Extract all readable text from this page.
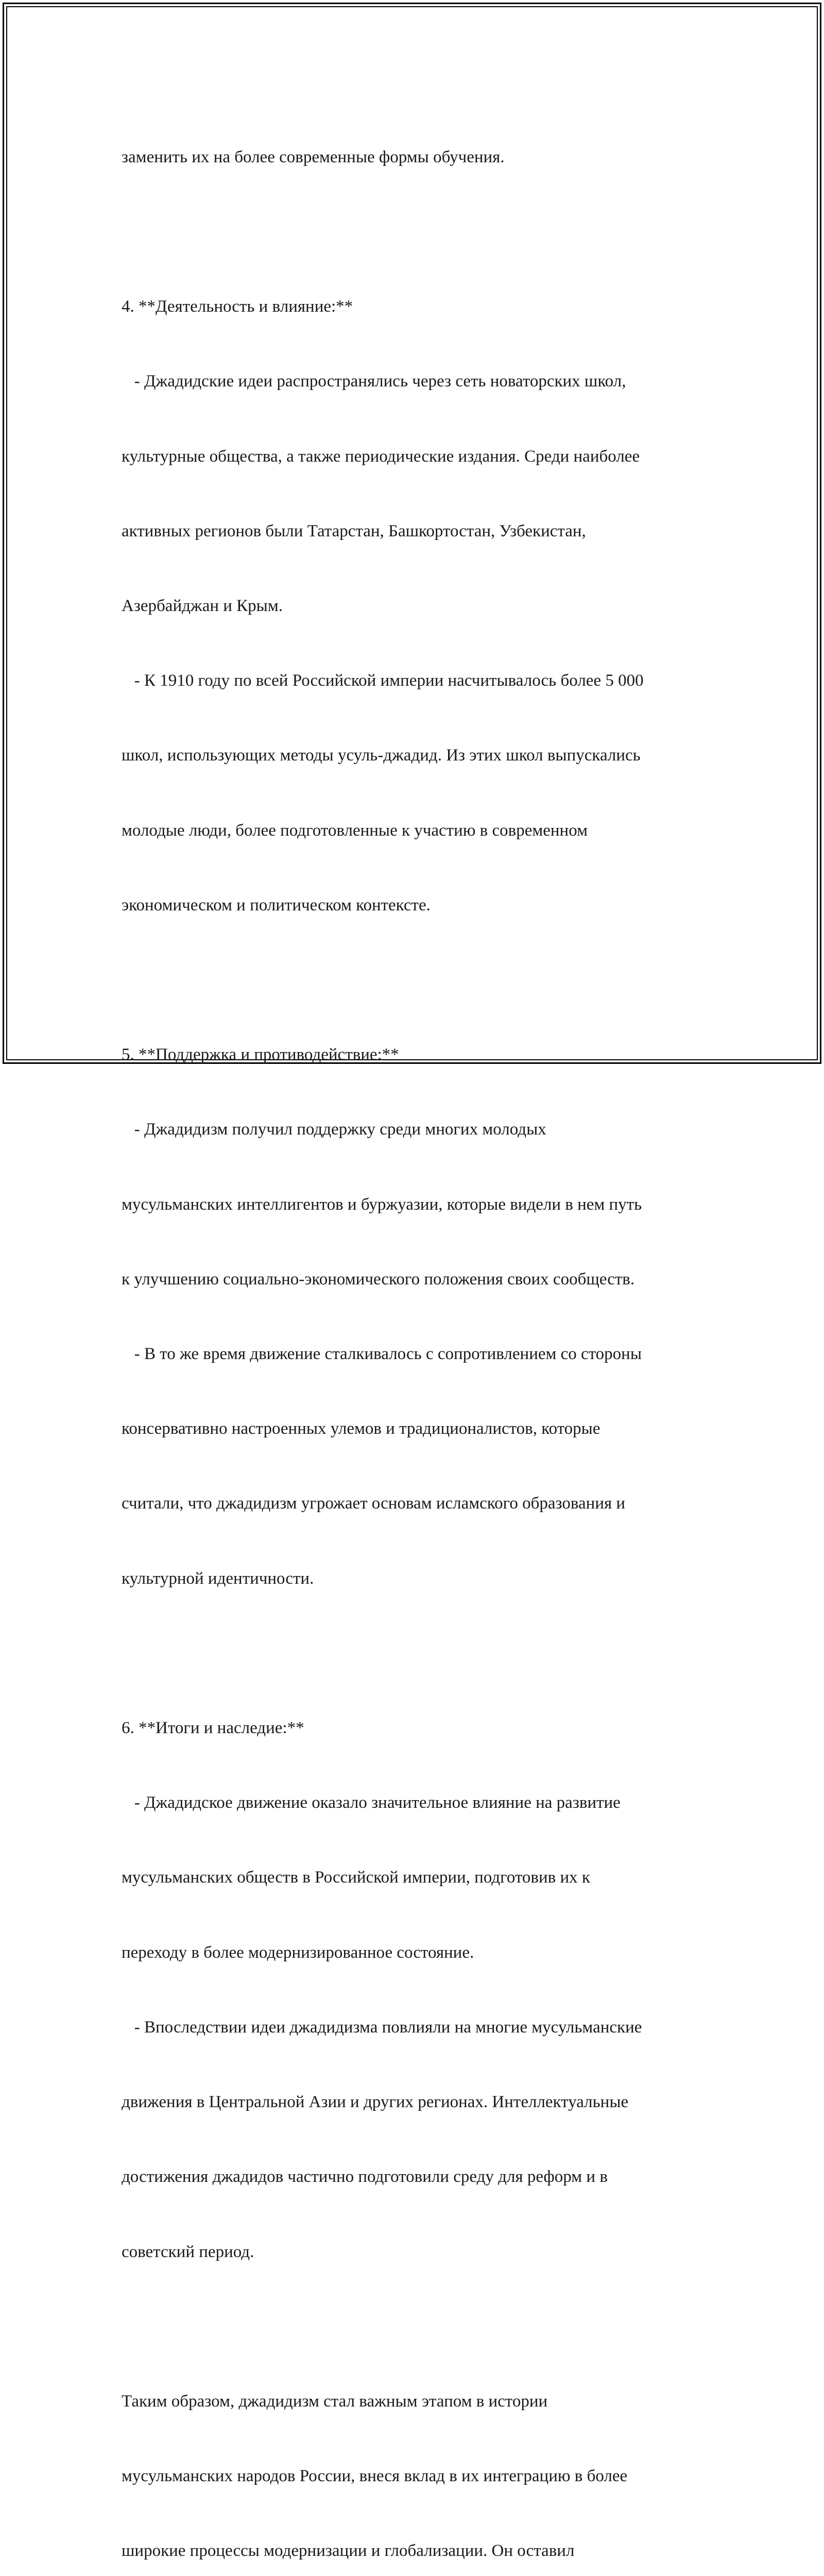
заменить их на более современные формы обучения.

4. **Деятельность и влияние:**

- Джадидские идеи распространялись через сеть новаторских школ,

культурные общества, а также периодические издания. Среди наиболее

активных регионов были Татарстан, Башкортостан, Узбекистан,

Азербайджан и Крым.

- К 1910 году по всей Российской империи насчитывалось более 5 000

школ, использующих методы усуль-джадид. Из этих школ выпускались

молодые люди, более подготовленные к участию в современном

экономическом и политическом контексте.

5. **Поддержка и противодействие:**

- Джадидизм получил поддержку среди многих молодых

мусульманских интеллигентов и буржуазии, которые видели в нем путь

к улучшению социально-экономического положения своих сообществ.

- В то же время движение сталкивалось с сопротивлением со стороны

консервативно настроенных улемов и традиционалистов, которые

считали, что джадидизм угрожает основам исламского образования и

культурной идентичности.

6. **Итоги и наследие:**

- Джадидское движение оказало значительное влияние на развитие

мусульманских обществ в Российской империи, подготовив их к

переходу в более модернизированное состояние.

- Впоследствии идеи джадидизма повлияли на многие мусульманские

движения в Центральной Азии и других регионах. Интеллектуальные

достижения джадидов частично подготовили среду для реформ и в

советский период.

Таким образом, джадидизм стал важным этапом в истории

мусульманских народов России, внеся вклад в их интеграцию в более

широкие процессы модернизации и глобализации. Он оставил
